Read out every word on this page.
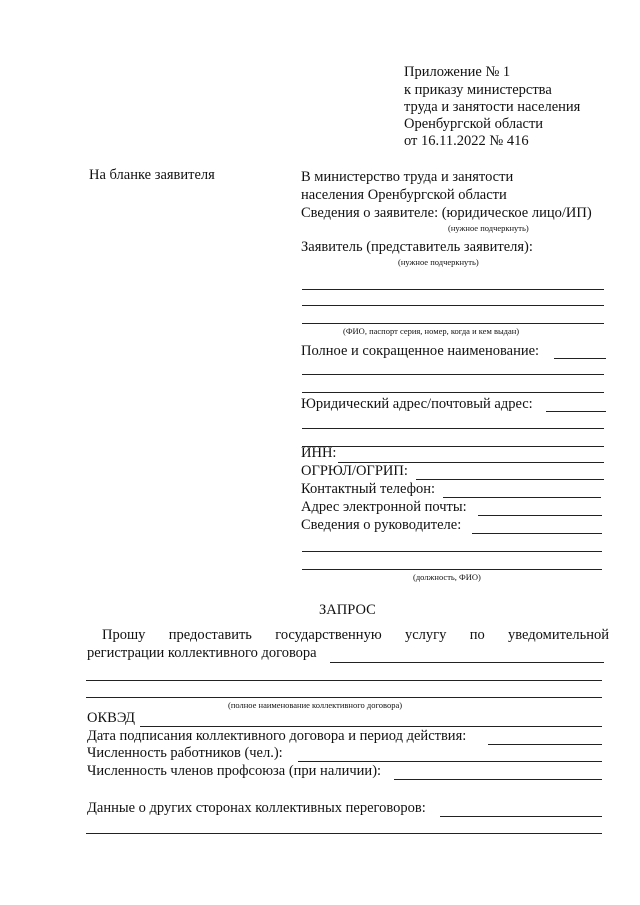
Приложение № 1
к приказу министерства
труда и занятости населения
Оренбургской области
от 16.11.2022 № 416
На бланке заявителя	В министерство труда и занятости
населения Оренбургской области
Сведения о заявителе: (юридическое лицо/ИП)
(нужное подчеркнуть)
Заявитель (представитель заявителя):
(нужное подчеркнуть)
(ФИО, паспорт серия, номер, когда и кем выдан)
Полное и сокращенное наименование:
Юридический адрес/почтовый адрес:
ИНН:
ОГРЮЛ/ОГРИП:
Контактный телефон:
Адрес электронной почты:
Сведения о руководителе:
(должность, ФИО)
ЗАПРОС
Прошу предоставить государственную услугу по уведомительной
регистрации коллективного договора
(полное наименование коллективного договора)
ОКВЭД
Дата подписания коллективного договора и период действия:
Численность работников (чел.):
Численность членов профсоюза (при наличии):
Данные о других сторонах коллективных переговоров:
